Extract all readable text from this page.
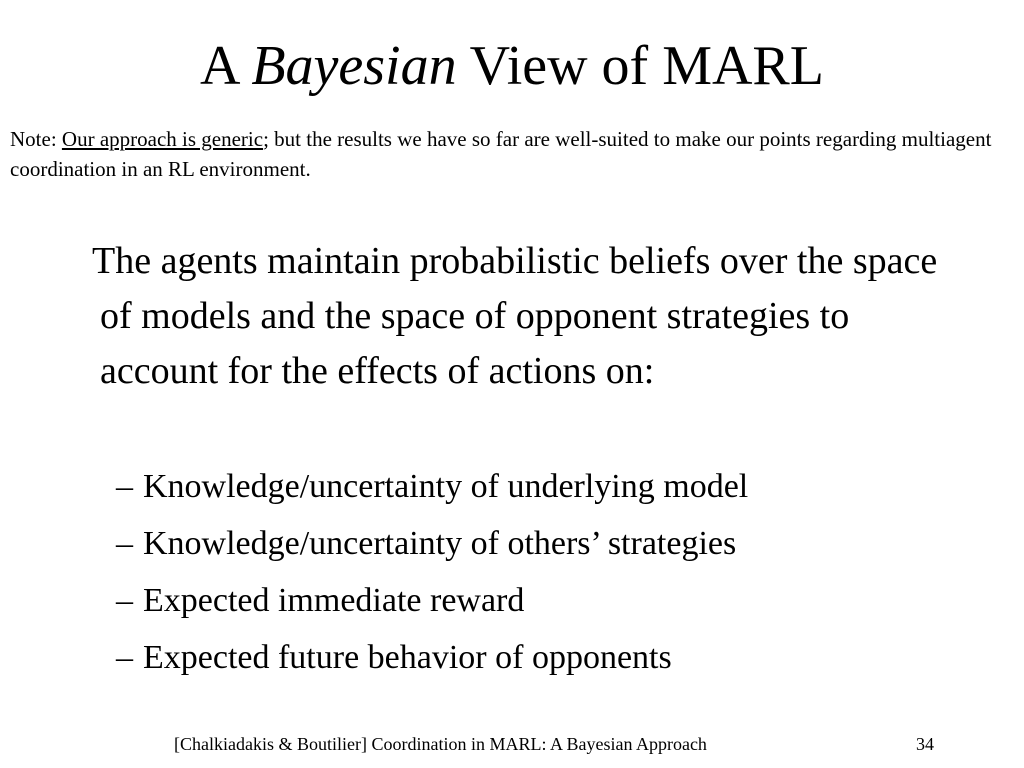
A Bayesian View of MARL
Note: Our approach is generic; but the results we have so far are well-suited to make our points regarding multiagent coordination in an RL environment.
The agents maintain probabilistic beliefs over the space of models and the space of opponent strategies to account for the effects of actions on:
– Knowledge/uncertainty of underlying model
– Knowledge/uncertainty of others’ strategies
– Expected immediate reward
– Expected future behavior of opponents
[Chalkiadakis & Boutilier] Coordination in MARL: A Bayesian Approach	34
